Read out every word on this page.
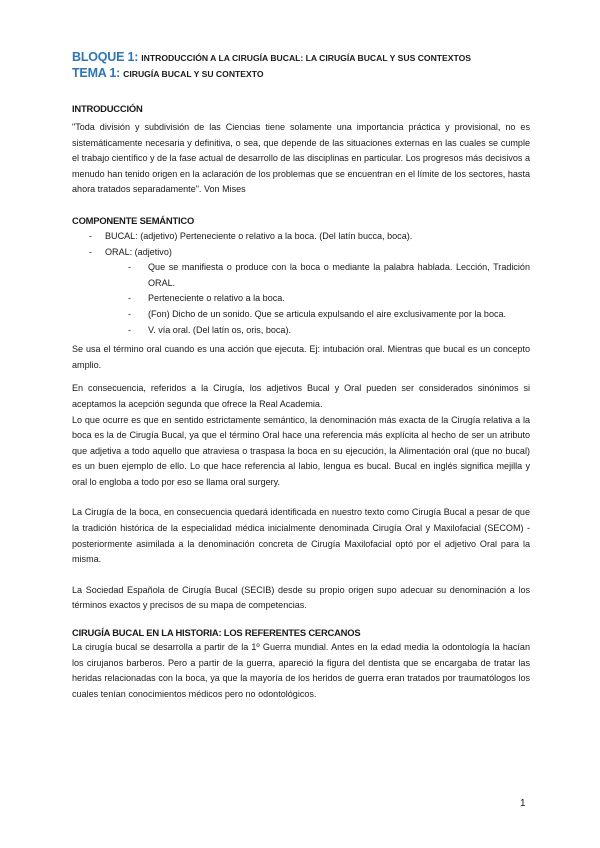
BLOQUE 1: INTRODUCCIÓN A LA CIRUGÍA BUCAL: LA CIRUGÍA BUCAL Y SUS CONTEXTOS
TEMA 1: CIRUGÍA BUCAL Y SU CONTEXTO
INTRODUCCIÓN

"Toda división y subdivisión de las Ciencias tiene solamente una importancia práctica y provisional, no es sistemáticamente necesaria y definitiva, o sea, que depende de las situaciones externas en las cuales se cumple el trabajo científico y de la fase actual de desarrollo de las disciplinas en particular. Los progresos más decisivos a menudo han tenido origen en la aclaración de los problemas que se encuentran en el límite de los sectores, hasta ahora tratados separadamente". Von Mises

COMPONENTE SEMÁNTICO
- BUCAL: (adjetivo) Perteneciente o relativo a la boca. (Del latín bucca, boca).
- ORAL: (adjetivo)
- Que se manifiesta o produce con la boca o mediante la palabra hablada. Lección, Tradición ORAL.
- Perteneciente o relativo a la boca.
- (Fon) Dicho de un sonido. Que se articula expulsando el aire exclusivamente por la boca.
- V. vía oral. (Del latín os, oris, boca).

Se usa el término oral cuando es una acción que ejecuta. Ej: intubación oral. Mientras que bucal es un concepto amplio.

En consecuencia, referidos a la Cirugía, los adjetivos Bucal y Oral pueden ser considerados sinónimos si aceptamos la acepción segunda que ofrece la Real Academia.

Lo que ocurre es que en sentido estrictamente semántico, la denominación más exacta de la Cirugía relativa a la boca es la de Cirugía Bucal, ya que el término Oral hace una referencia más explícita al hecho de ser un atributo que adjetiva a todo aquello que atraviesa o traspasa la boca en su ejecución, la Alimentación oral (que no bucal) es un buen ejemplo de ello. Lo que hace referencia al labio, lengua es bucal. Bucal en inglés significa mejilla y oral lo engloba a todo por eso se llama oral surgery.

La Cirugía de la boca, en consecuencia quedará identificada en nuestro texto como Cirugía Bucal a pesar de que la tradición histórica de la especialidad médica inicialmente denominada Cirugía Oral y Maxilofacial (SECOM) -posteriormente asimilada a la denominación concreta de Cirugía Maxilofacial optó por el adjetivo Oral para la misma.

La Sociedad Española de Cirugía Bucal (SECIB) desde su propio origen supo adecuar su denominación a los términos exactos y precisos de su mapa de competencias.

CIRUGÍA BUCAL EN LA HISTORIA: LOS REFERENTES CERCANOS

La cirugía bucal se desarrolla a partir de la 1º Guerra mundial. Antes en la edad media la odontología la hacían los cirujanos barberos. Pero a partir de la guerra, apareció la figura del dentista que se encargaba de tratar las heridas relacionadas con la boca, ya que la mayoría de los heridos de guerra eran tratados por traumatólogos los cuales tenían conocimientos médicos pero no odontológicos.

1
